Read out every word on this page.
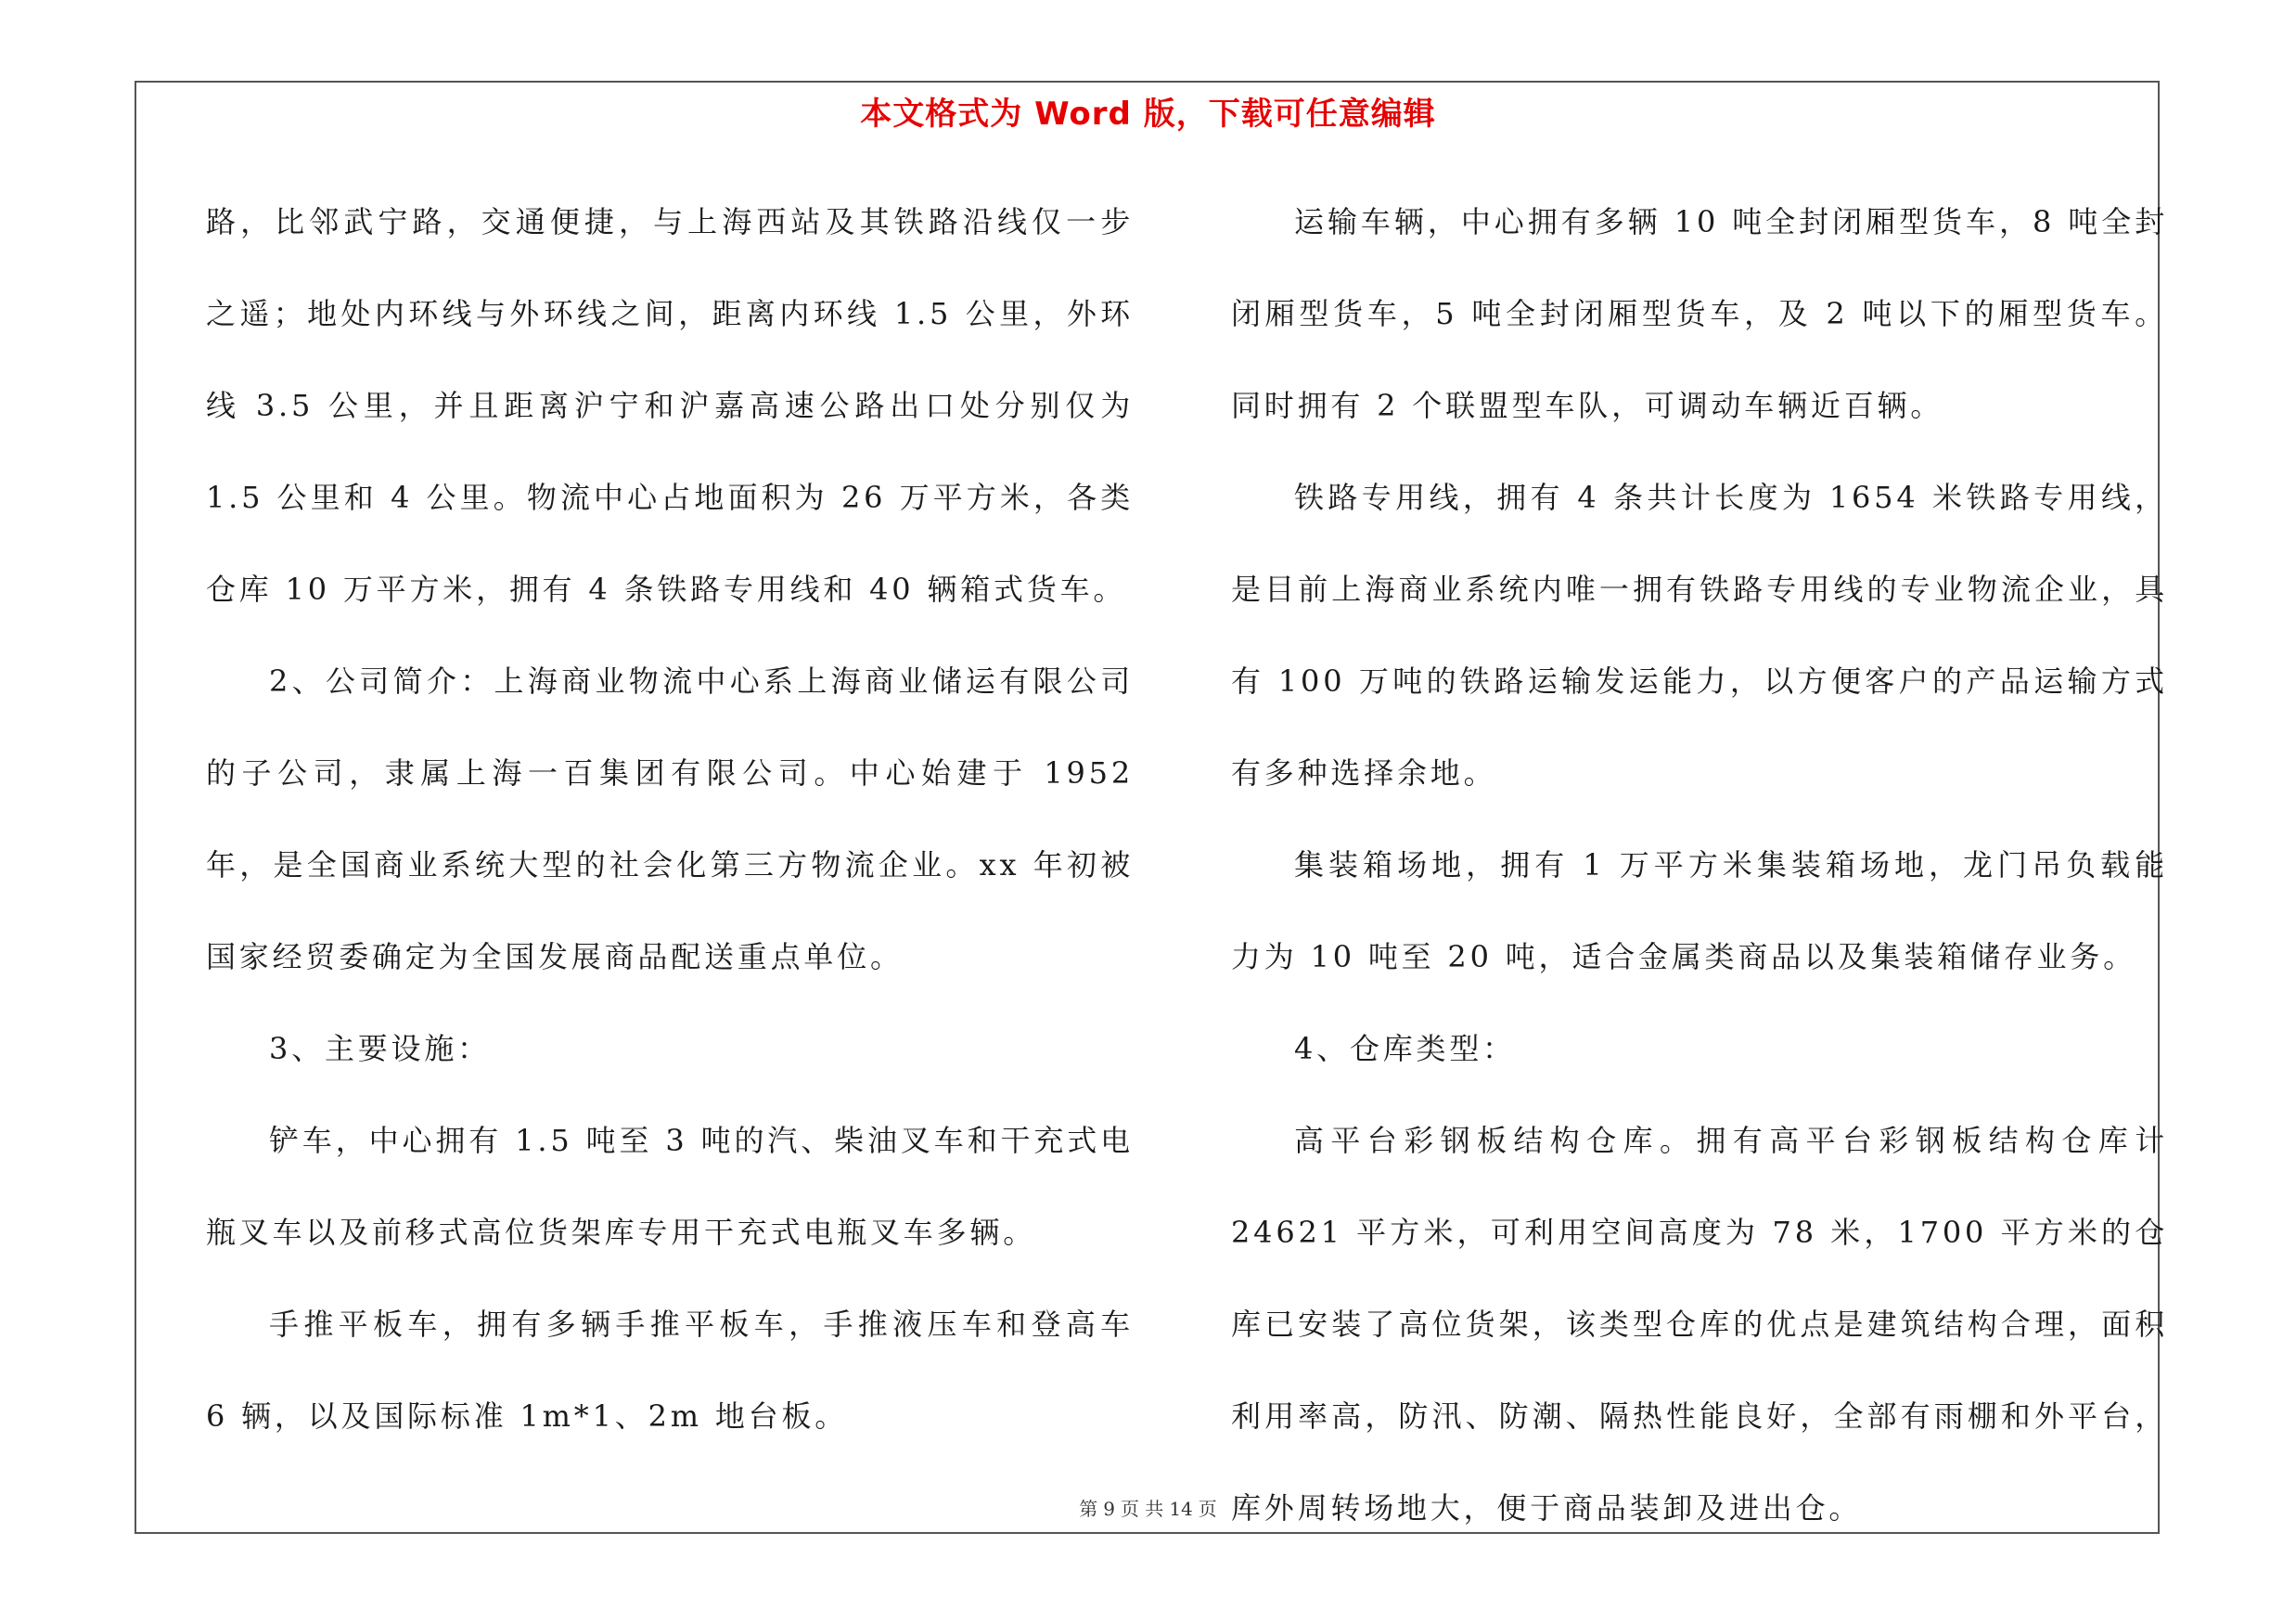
本文格式为 Word 版，下载可任意编辑

路，比邻武宁路，交通便捷，与上海西站及其铁路沿线仅一步之遥；地处内环线与外环线之间，距离内环线 1.5 公里，外环线 3.5 公里，并且距离沪宁和沪嘉高速公路出口处分别仅为 1.5 公里和 4 公里。物流中心占地面积为 26 万平方米，各类仓库 10 万平方米，拥有 4 条铁路专用线和 40 辆箱式货车。

2、公司简介：上海商业物流中心系上海商业储运有限公司的子公司，隶属上海一百集团有限公司。中心始建于 1952 年，是全国商业系统大型的社会化第三方物流企业。xx 年初被国家经贸委确定为全国发展商品配送重点单位。

3、主要设施：

铲车，中心拥有 1.5 吨至 3 吨的汽、柴油叉车和干充式电瓶叉车以及前移式高位货架库专用干充式电瓶叉车多辆。

手推平板车，拥有多辆手推平板车，手推液压车和登高车 6 辆，以及国际标准 1m*1、2m 地台板。

运输车辆，中心拥有多辆 10 吨全封闭厢型货车，8 吨全封闭厢型货车，5 吨全封闭厢型货车，及 2 吨以下的厢型货车。同时拥有 2 个联盟型车队，可调动车辆近百辆。

铁路专用线，拥有 4 条共计长度为 1654 米铁路专用线，是目前上海商业系统内唯一拥有铁路专用线的专业物流企业，具有 100 万吨的铁路运输发运能力，以方便客户的产品运输方式有多种选择余地。

集装箱场地，拥有 1 万平方米集装箱场地，龙门吊负载能力为 10 吨至 20 吨，适合金属类商品以及集装箱储存业务。

4、仓库类型：

高平台彩钢板结构仓库。拥有高平台彩钢板结构仓库计 24621 平方米，可利用空间高度为 78 米，1700 平方米的仓库已安装了高位货架，该类型仓库的优点是建筑结构合理，面积利用率高，防汛、防潮、隔热性能良好，全部有雨棚和外平台，库外周转场地大，便于商品装卸及进出仓。

第 9 页 共 14 页
